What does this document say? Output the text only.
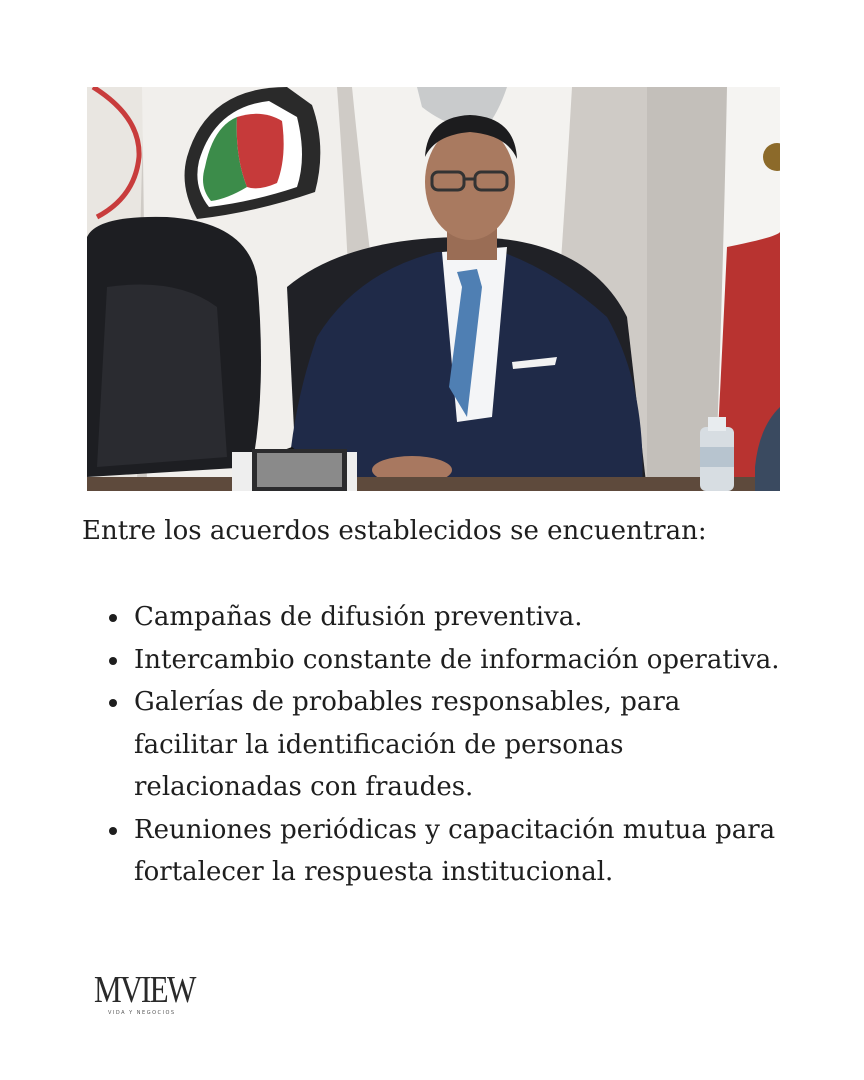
Entre los acuerdos establecidos se encuentran:

Campañas de difusión preventiva.
Intercambio constante de información operativa.
Galerías de probables responsables, para facilitar la identificación de personas relacionadas con fraudes.
Reuniones periódicas y capacitación mutua para fortalecer la respuesta institucional.
MVIEW
VIDA Y NEGOCIOS
